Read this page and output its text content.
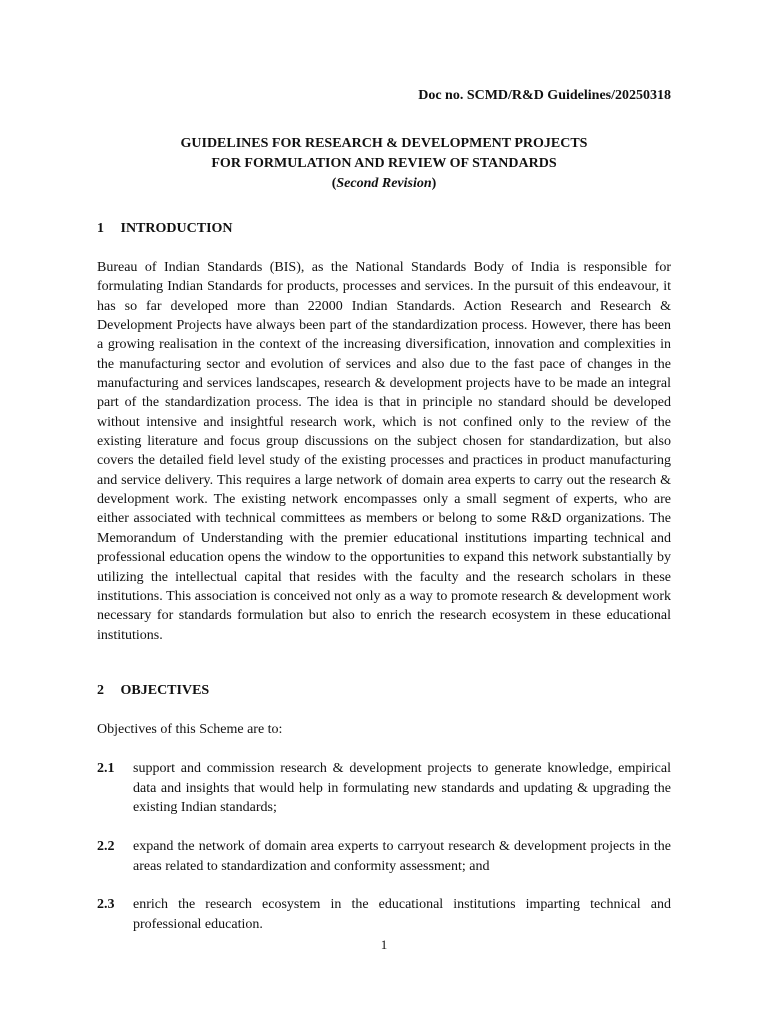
Doc no. SCMD/R&D Guidelines/20250318
GUIDELINES FOR RESEARCH & DEVELOPMENT PROJECTS
FOR FORMULATION AND REVIEW OF STANDARDS
(Second Revision)
1 INTRODUCTION
Bureau of Indian Standards (BIS), as the National Standards Body of India is responsible for formulating Indian Standards for products, processes and services. In the pursuit of this endeavour, it has so far developed more than 22000 Indian Standards. Action Research and Research & Development Projects have always been part of the standardization process. However, there has been a growing realisation in the context of the increasing diversification, innovation and complexities in the manufacturing sector and evolution of services and also due to the fast pace of changes in the manufacturing and services landscapes, research & development projects have to be made an integral part of the standardization process. The idea is that in principle no standard should be developed without intensive and insightful research work, which is not confined only to the review of the existing literature and focus group discussions on the subject chosen for standardization, but also covers the detailed field level study of the existing processes and practices in product manufacturing and service delivery. This requires a large network of domain area experts to carry out the research & development work. The existing network encompasses only a small segment of experts, who are either associated with technical committees as members or belong to some R&D organizations. The Memorandum of Understanding with the premier educational institutions imparting technical and professional education opens the window to the opportunities to expand this network substantially by utilizing the intellectual capital that resides with the faculty and the research scholars in these institutions. This association is conceived not only as a way to promote research & development work necessary for standards formulation but also to enrich the research ecosystem in these educational institutions.
2 OBJECTIVES
Objectives of this Scheme are to:
2.1 support and commission research & development projects to generate knowledge, empirical data and insights that would help in formulating new standards and updating & upgrading the existing Indian standards;
2.2 expand the network of domain area experts to carryout research & development projects in the areas related to standardization and conformity assessment; and
2.3 enrich the research ecosystem in the educational institutions imparting technical and professional education.
1
